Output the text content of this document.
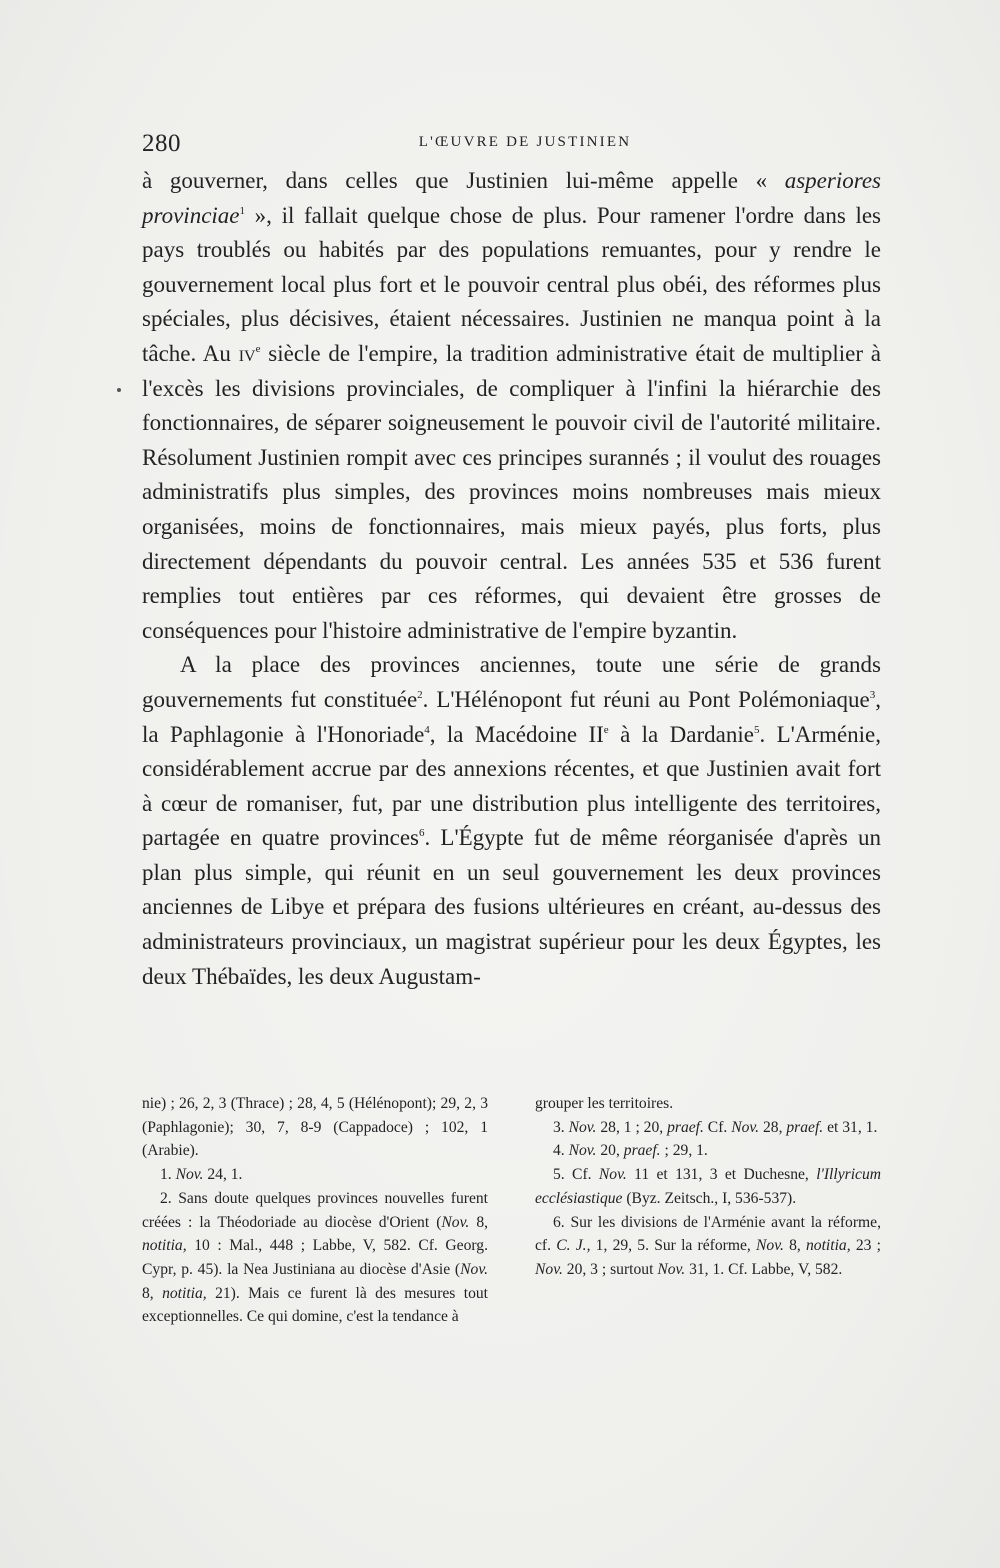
280	L'ŒUVRE DE JUSTINIEN

à gouverner, dans celles que Justinien lui-même appelle « asperiores provinciae$^1$ », il fallait quelque chose de plus. Pour ramener l'ordre dans les pays troublés ou habités par des populations remuantes, pour y rendre le gouvernement local plus fort et le pouvoir central plus obéi, des réformes plus spéciales, plus décisives, étaient nécessaires. Justinien ne manqua point à la tâche. Au $iv^e$ siècle de l'empire, la tradition administrative était de multiplier à l'excès les divisions provinciales, de compliquer à l'infini la hiérarchie des fonctionnaires, de séparer soigneusement le pouvoir civil de l'autorité militaire. Résolument Justinien rompit avec ces principes surannés ; il voulut des rouages administratifs plus simples, des provinces moins nombreuses mais mieux organisées, moins de fonctionnaires, mais mieux payés, plus forts, plus directement dépendants du pouvoir central. Les années 535 et 536 furent remplies tout entières par ces réformes, qui devaient être grosses de conséquences pour l'histoire administrative de l'empire byzantin.

A la place des provinces anciennes, toute une série de grands gouvernements fut constituée$^2$. L'Hélénopont fut réuni au Pont Polémoniaque$^3$, la Paphlagonie à l'Honoriade$^4$, la Macédoine IIe à la Dardanie$^5$. L'Arménie, considérablement accrue par des annexions récentes, et que Justinien avait fort à cœur de romaniser, fut, par une distribution plus intelligente des territoires, partagée en quatre provinces$^6$. L'Égypte fut de même réorganisée d'après un plan plus simple, qui réunit en un seul gouvernement les deux provinces anciennes de Libye et prépara des fusions ultérieures en créant, au-dessus des administrateurs provinciaux, un magistrat supérieur pour les deux Égyptes, les deux Thébaïdes, les deux Augustam-

nie) ; 26, 2, 3 (Thrace) ; 28, 4, 5 (Hélénopont); 29, 2, 3 (Paphlagonie); 30, 7, 8-9 (Cappadoce) ; 102, 1 (Arabie).

1. Nov. 24, 1.

2. Sans doute quelques provinces nouvelles furent créées : la Théodoriade au diocèse d'Orient (Nov. 8, notitia, 10 : Mal., 448 ; Labbe, V, 582. Cf. Georg. Cypr, p. 45). la Nea Justiniana au diocèse d'Asie (Nov. 8, notitia, 21). Mais ce furent là des mesures tout exceptionnelles. Ce qui domine, c'est la tendance à

grouper les territoires.

3. Nov. 28, 1 ; 20, praef. Cf. Nov. 28, praef. et 31, 1.

4. Nov. 20, praef. ; 29, 1.

5. Cf. Nov. 11 et 131, 3 et Duchesne, l'Illyricum ecclésiastique (Byz. Zeitsch., I, 536-537).

6. Sur les divisions de l'Arménie avant la réforme, cf. C. J., 1, 29, 5. Sur la réforme, Nov. 8, notitia, 23 ; Nov. 20, 3 ; surtout Nov. 31, 1. Cf. Labbe, V, 582.
